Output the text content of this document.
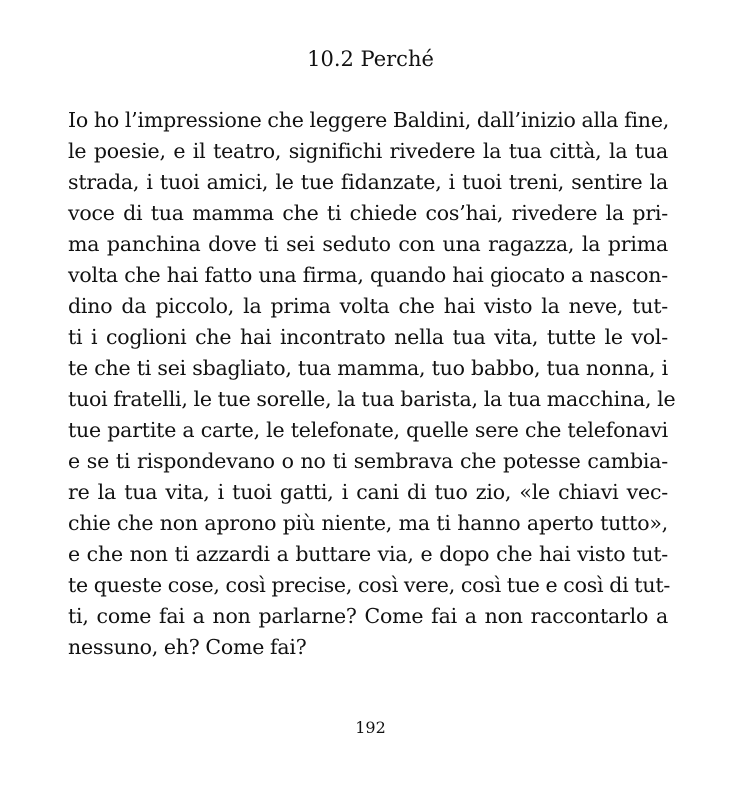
10.2 Perché
Io ho l’impressione che leggere Baldini, dall’inizio alla fine,
le poesie, e il teatro, significhi rivedere la tua città, la tua
strada, i tuoi amici, le tue fidanzate, i tuoi treni, sentire la
voce di tua mamma che ti chiede cos’hai, rivedere la pri-
ma panchina dove ti sei seduto con una ragazza, la prima
volta che hai fatto una firma, quando hai giocato a nascon-
dino da piccolo, la prima volta che hai visto la neve, tut-
ti i coglioni che hai incontrato nella tua vita, tutte le vol-
te che ti sei sbagliato, tua mamma, tuo babbo, tua nonna, i
tuoi fratelli, le tue sorelle, la tua barista, la tua macchina, le
tue partite a carte, le telefonate, quelle sere che telefonavi
e se ti rispondevano o no ti sembrava che potesse cambia-
re la tua vita, i tuoi gatti, i cani di tuo zio, «le chiavi vec-
chie che non aprono più niente, ma ti hanno aperto tutto»,
e che non ti azzardi a buttare via, e dopo che hai visto tut-
te queste cose, così precise, così vere, così tue e così di tut-
ti, come fai a non parlarne? Come fai a non raccontarlo a
nessuno, eh? Come fai?
192
